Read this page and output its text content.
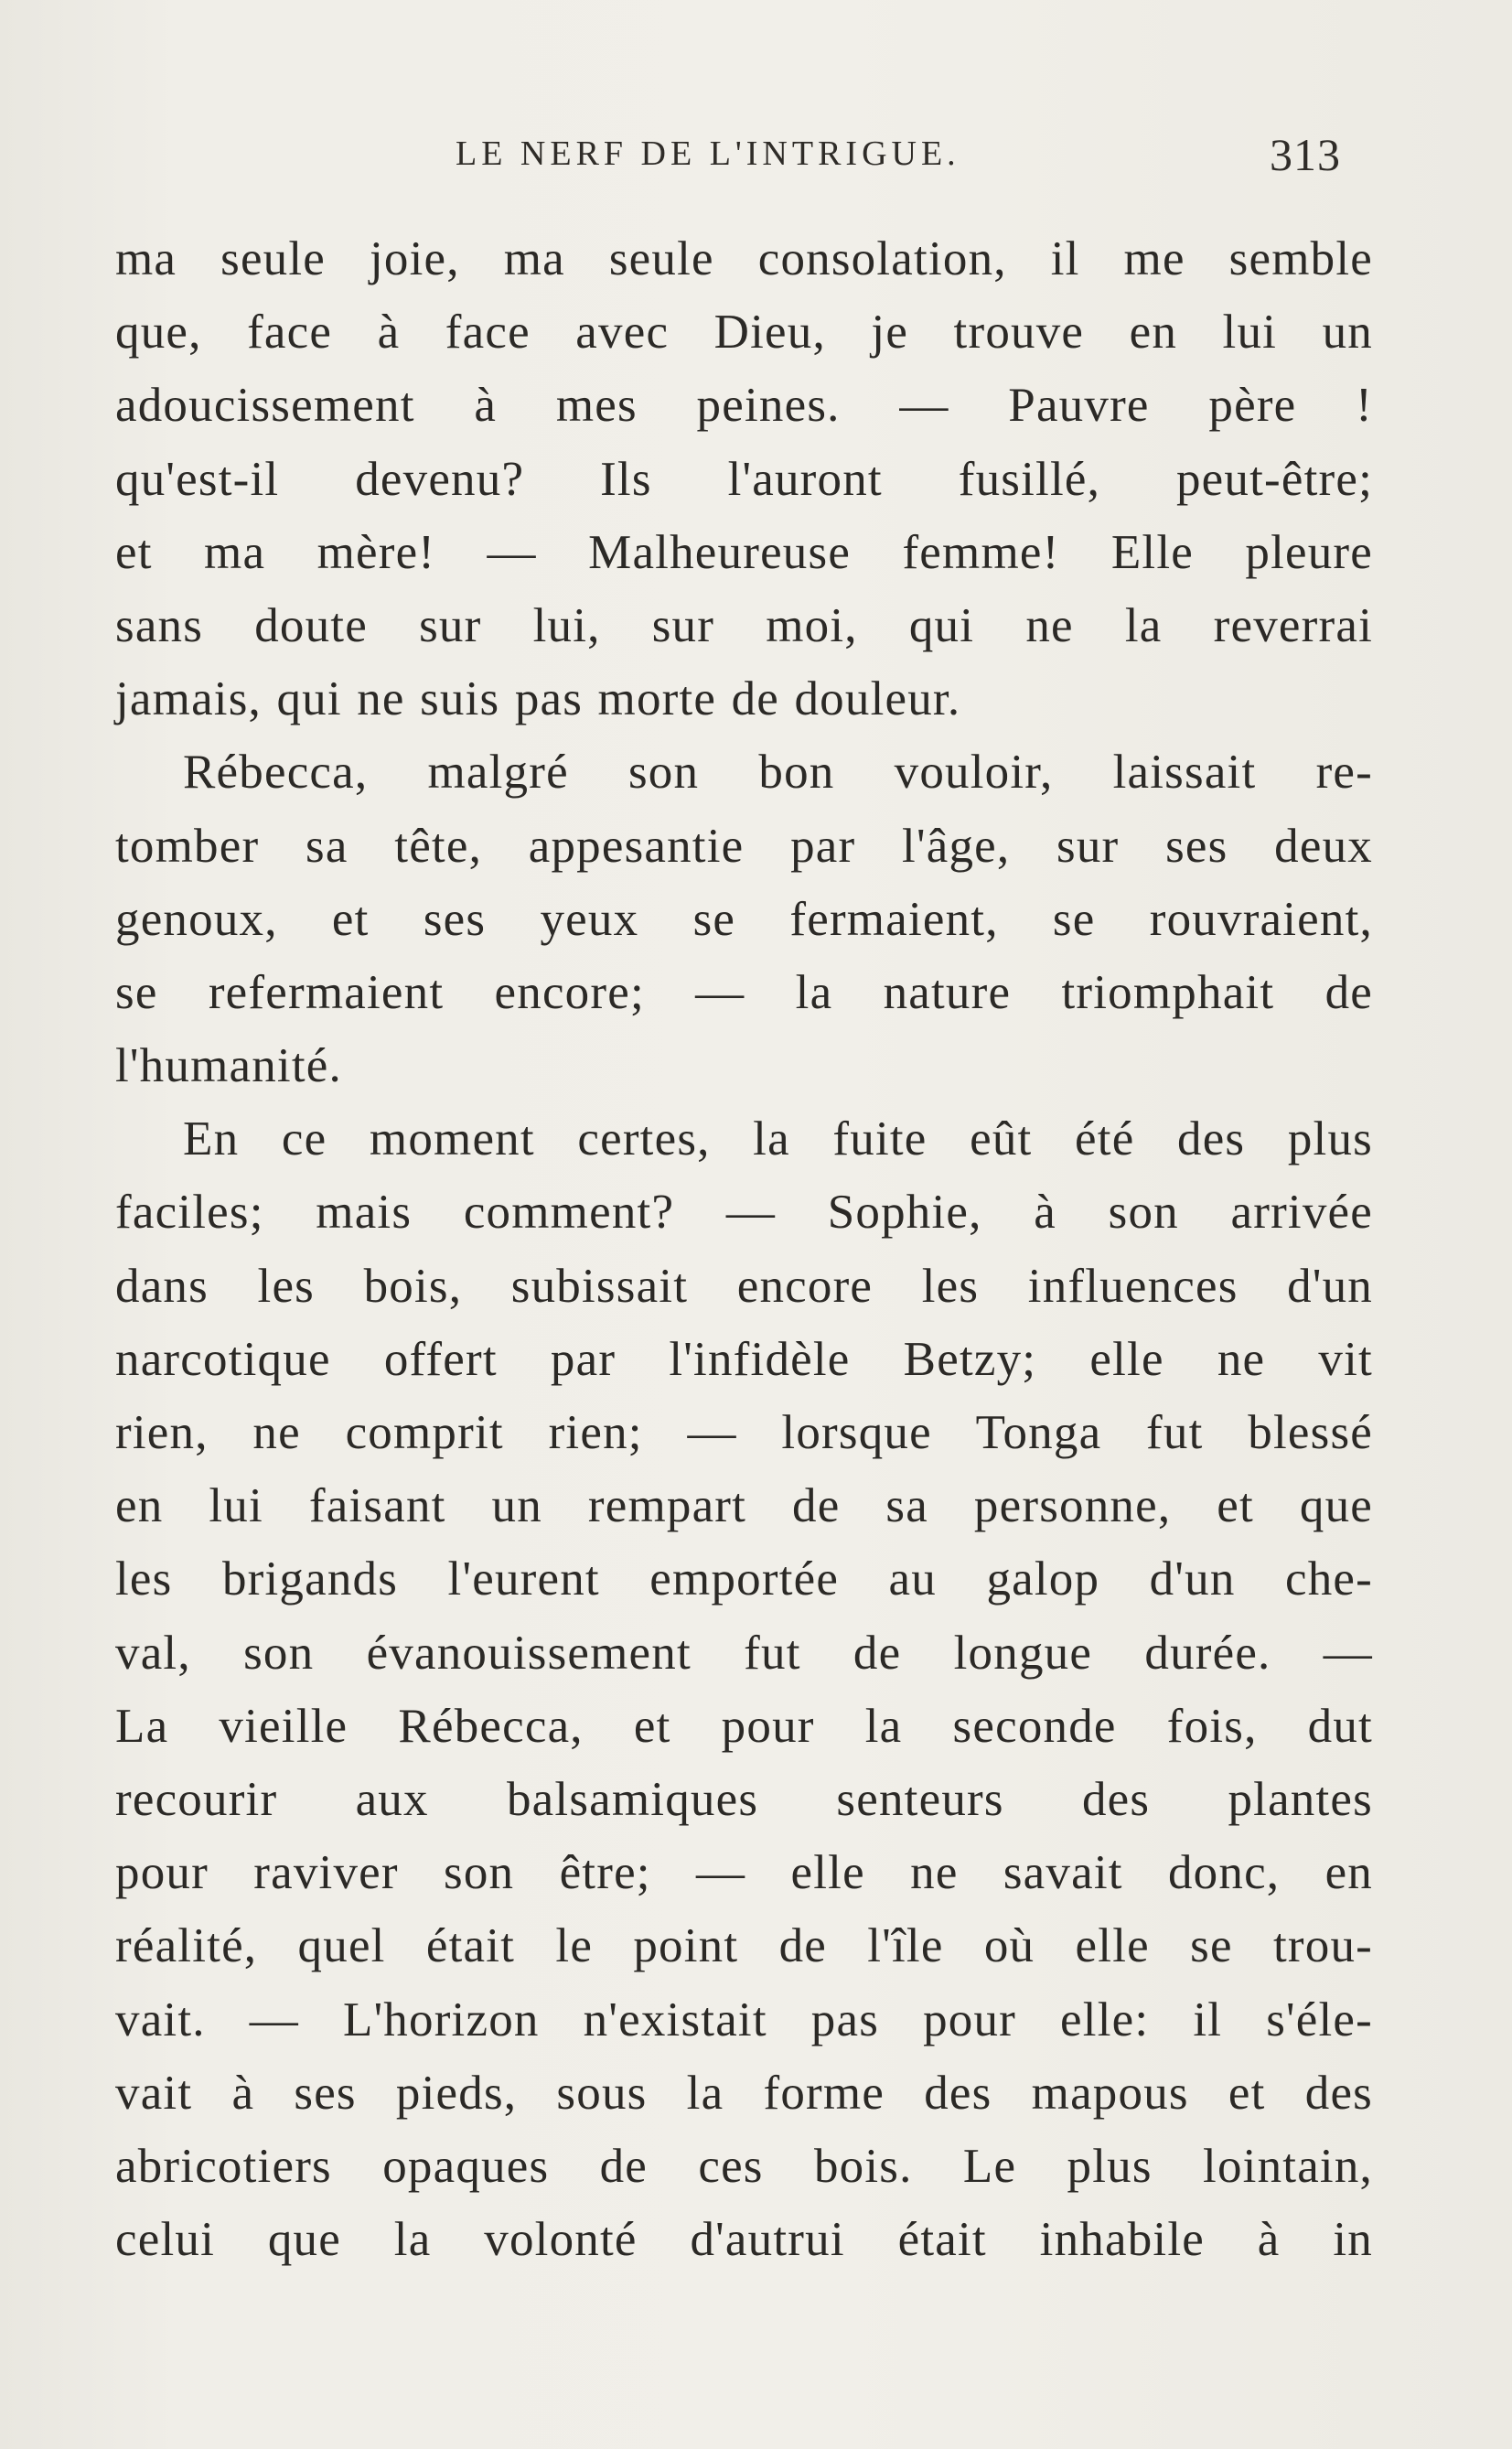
LE NERF DE L'INTRIGUE.	313
ma seule joie, ma seule consolation, il me semble
que, face à face avec Dieu, je trouve en lui un
adoucissement à mes peines. — Pauvre père !
qu'est-il devenu? Ils l'auront fusillé, peut-être;
et ma mère! — Malheureuse femme! Elle pleure
sans doute sur lui, sur moi, qui ne la reverrai
jamais, qui ne suis pas morte de douleur.
Rébecca, malgré son bon vouloir, laissait re-
tomber sa tête, appesantie par l'âge, sur ses deux
genoux, et ses yeux se fermaient, se rouvraient,
se refermaient encore; — la nature triomphait de
l'humanité.
En ce moment certes, la fuite eût été des plus
faciles; mais comment? — Sophie, à son arrivée
dans les bois, subissait encore les influences d'un
narcotique offert par l'infidèle Betzy; elle ne vit
rien, ne comprit rien; — lorsque Tonga fut blessé
en lui faisant un rempart de sa personne, et que
les brigands l'eurent emportée au galop d'un che-
val, son évanouissement fut de longue durée. —
La vieille Rébecca, et pour la seconde fois, dut
recourir aux balsamiques senteurs des plantes
pour raviver son être; — elle ne savait donc, en
réalité, quel était le point de l'île où elle se trou-
vait. — L'horizon n'existait pas pour elle: il s'éle-
vait à ses pieds, sous la forme des mapous et des
abricotiers opaques de ces bois. Le plus lointain,
celui que la volonté d'autrui était inhabile à in
